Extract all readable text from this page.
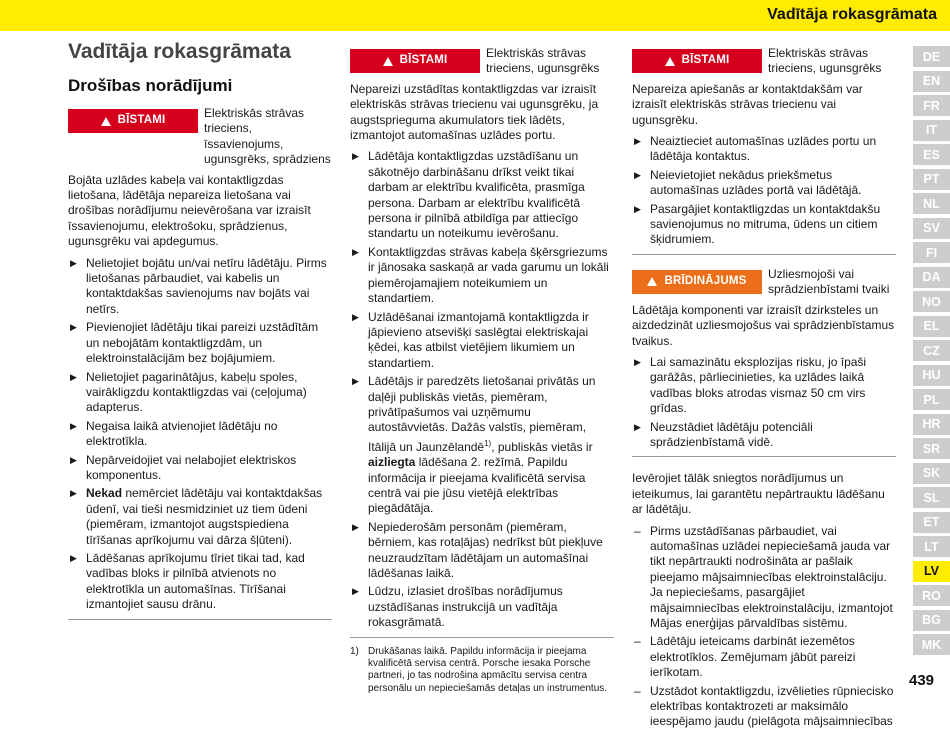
Vadītāja rokasgrāmata
Vadītāja rokasgrāmata
Drošības norādījumi
BĪSTAMI
Elektriskās strāvas trieciens, īssavienojums, ugunsgrēks, sprādziens

Bojāta uzlādes kabeļa vai kontaktligzdas lietošana, lādētāja nepareiza lietošana vai drošības norādījumu neievērošana var izraisīt īssavienojumu, elektrošoku, sprādzienus, ugunsgrēku vai apdegumus.

▶ Nelietojiet bojātu un/vai netīru lādētāju. Pirms lietošanas pārbaudiet, vai kabelis un kontaktdakšas savienojums nav bojāts vai netīrs.
▶ Pievienojiet lādētāju tikai pareizi uzstādītām un nebojātām kontaktligzdām, un elektroinstalācijām bez bojājumiem.
▶ Nelietojiet pagarinātājus, kabeļu spoles, vairākligzdu kontaktligzdas vai (ceļojuma) adapterus.
▶ Negaisa laikā atvienojiet lādētāju no elektrotīkla.
▶ Nepārveidojiet vai nelabojiet elektriskos komponentus.
▶ Nekad nemērciet lādētāju vai kontaktdakšas ūdenī, vai tieši nesmidziniet uz tiem ūdeni (piemēram, izmantojot augstspiediena tīrīšanas aprīkojumu vai dārza šļūteni).
▶ Lādēšanas aprīkojumu tīriet tikai tad, kad vadības bloks ir pilnībā atvienots no elektrotīkla un automašīnas. Tīrīšanai izmantojiet sausu drānu.
BĪSTAMI
Elektriskās strāvas trieciens, ugunsgrēks

Nepareizi uzstādītas kontaktligzdas var izraisīt elektriskās strāvas triecienu vai ugunsgrēku, ja augstsprieguma akumulators tiek lādēts, izmantojot automašīnas uzlādes portu.

▶ Lādētāja kontaktligzdas uzstādīšanu un sākotnējo darbināšanu drīkst veikt tikai darbam ar elektrību kvalificēta, prasmīga persona. Darbam ar elektrību kvalificētā persona ir pilnībā atbildīga par attiecīgo standartu un noteikumu ievērošanu.
▶ Kontaktligzdas strāvas kabeļa šķērsgriezums ir jānosaka saskaņā ar vada garumu un lokāli piemērojamajiem noteikumiem un standartiem.
▶ Uzlādēšanai izmantojamā kontaktligzda ir jāpievieno atsevišķi saslēgtai elektriskajai ķēdei, kas atbilst vietējiem likumiem un standartiem.
▶ Lādētājs ir paredzēts lietošanai privātās un daļēji publiskās vietās, piemēram, privātīpašumos vai uzņēmumu autostāvvietās. Dažās valstīs, piemēram, Itālijā un Jaunzēlandē$^{1)}$, publiskās vietās ir aizliegta lādēšana 2. režīmā. Papildu informācija ir pieejama kvalificētā servisa centrā vai pie jūsu vietējā elektrības piegādātāja.
▶ Nepiederošām personām (piemēram, bērniem, kas rotaļājas) nedrīkst būt piekļuve neuzraudzītam lādētājam un automašīnai lādēšanas laikā.
▶ Lūdzu, izlasiet drošības norādījumus uzstādīšanas instrukcijā un vadītāja rokasgrāmatā.
1) Drukāšanas laikā. Papildu informācija ir pieejama kvalificētā servisa centrā. Porsche iesaka Porsche partneri, jo tas nodrošina apmācītu servisa centra personālu un nepieciešamās detaļas un instrumentus.
BĪSTAMI
Elektriskās strāvas trieciens, ugunsgrēks

Nepareiza apiešanās ar kontaktdakšām var izraisīt elektriskās strāvas triecienu vai ugunsgrēku.

▶ Neaiztieciet automašīnas uzlādes portu un lādētāja kontaktus.
▶ Neievietojiet nekādus priekšmetus automašīnas uzlādes portā vai lādētājā.
▶ Pasargājiet kontaktligzdas un kontaktdakšu savienojumus no mitruma, ūdens un citiem šķidrumiem.
BRĪDINĀJUMS
Uzliesmojoši vai sprādzienbīstami tvaiki

Lādētāja komponenti var izraisīt dzirksteles un aizdedzināt uzliesmojošus vai sprādzienbīstamus tvaikus.

▶ Lai samazinātu eksplozijas risku, jo īpaši garāžās, pārliecinieties, ka uzlādes laikā vadības bloks atrodas vismaz 50 cm virs grīdas.
▶ Neuzstādiet lādētāju potenciāli sprādzienbīstamā vidē.

Ievērojiet tālāk sniegtos norādījumus un ieteikumus, lai garantētu nepārtrauktu lādēšanu ar lādētāju.

– Pirms uzstādīšanas pārbaudiet, vai automašīnas uzlādei nepieciešamā jauda var tikt nepārtraukti nodrošināta ar pašlaik pieejamo mājsaimniecības elektroinstalāciju. Ja nepieciešams, pasargājiet mājsaimniecības elektroinstalāciju, izmantojot Mājas enerģijas pārvaldības sistēmu.
– Lādētāju ieteicams darbināt iezemētos elektrotīklos. Zemējumam jābūt pareizi ierīkotam.
– Uzstādot kontaktligzdu, izvēlieties rūpniecisko elektrības kontaktrozeti ar maksimālo ieespējamo jaudu (pielāgota mājsaimniecības
DE
EN
FR
IT
ES
PT
NL
SV
FI
DA
NO
EL
CZ
HU
PL
HR
SR
SK
SL
ET
LT
LV
RO
BG
MK
439
